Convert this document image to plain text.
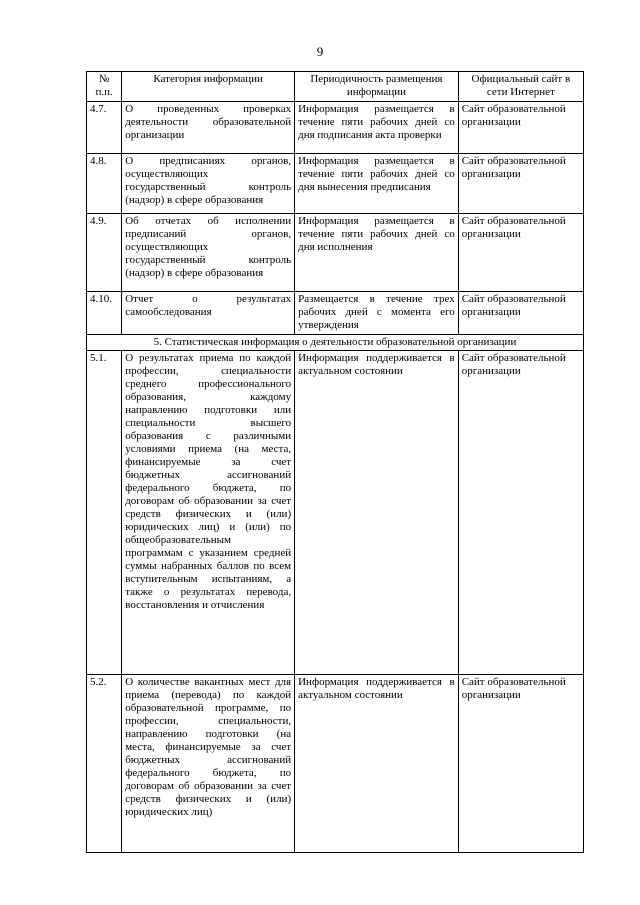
9
№
п.п.	Категория информации	Периодичность размещения информации	Официальный сайт в сети Интернет
4.7.	О проведенных проверках деятельности образовательной организации	Информация размещается в течение пяти рабочих дней со дня подписания акта проверки	Сайт образовательной организации
4.8.	О предписаниях органов, осуществляющих государственный контроль (надзор) в сфере образования	Информация размещается в течение пяти рабочих дней со дня вынесения предписания	Сайт образовательной организации
4.9.	Об отчетах об исполнении предписаний органов, осуществляющих государственный контроль (надзор) в сфере образования	Информация размещается в течение пяти рабочих дней со дня исполнения	Сайт образовательной организации
4.10.	Отчет о результатах самообследования	Размещается в течение трех рабочих дней с момента его утверждения	Сайт образовательной организации
5. Статистическая информация о деятельности образовательной организации			
5.1.	О результатах приема по каждой профессии, специальности среднего профессионального образования, каждому направлению подготовки или специальности высшего образования с различными условиями приема (на места, финансируемые за счет бюджетных ассигнований федерального бюджета, по договорам об образовании за счет средств физических и (или) юридических лиц) и (или) по общеобразовательным программам с указанием средней суммы набранных баллов по всем вступительным испытаниям, а также о результатах перевода, восстановления и отчисления	Информация поддерживается в актуальном состоянии	Сайт образовательной организации
5.2.	О количестве вакантных мест для приема (перевода) по каждой образовательной программе, по профессии, специальности, направлению подготовки (на места, финансируемые за счет бюджетных ассигнований федерального бюджета, по договорам об образовании за счет средств физических и (или) юридических лиц)	Информация поддерживается в актуальном состоянии	Сайт образовательной организации
